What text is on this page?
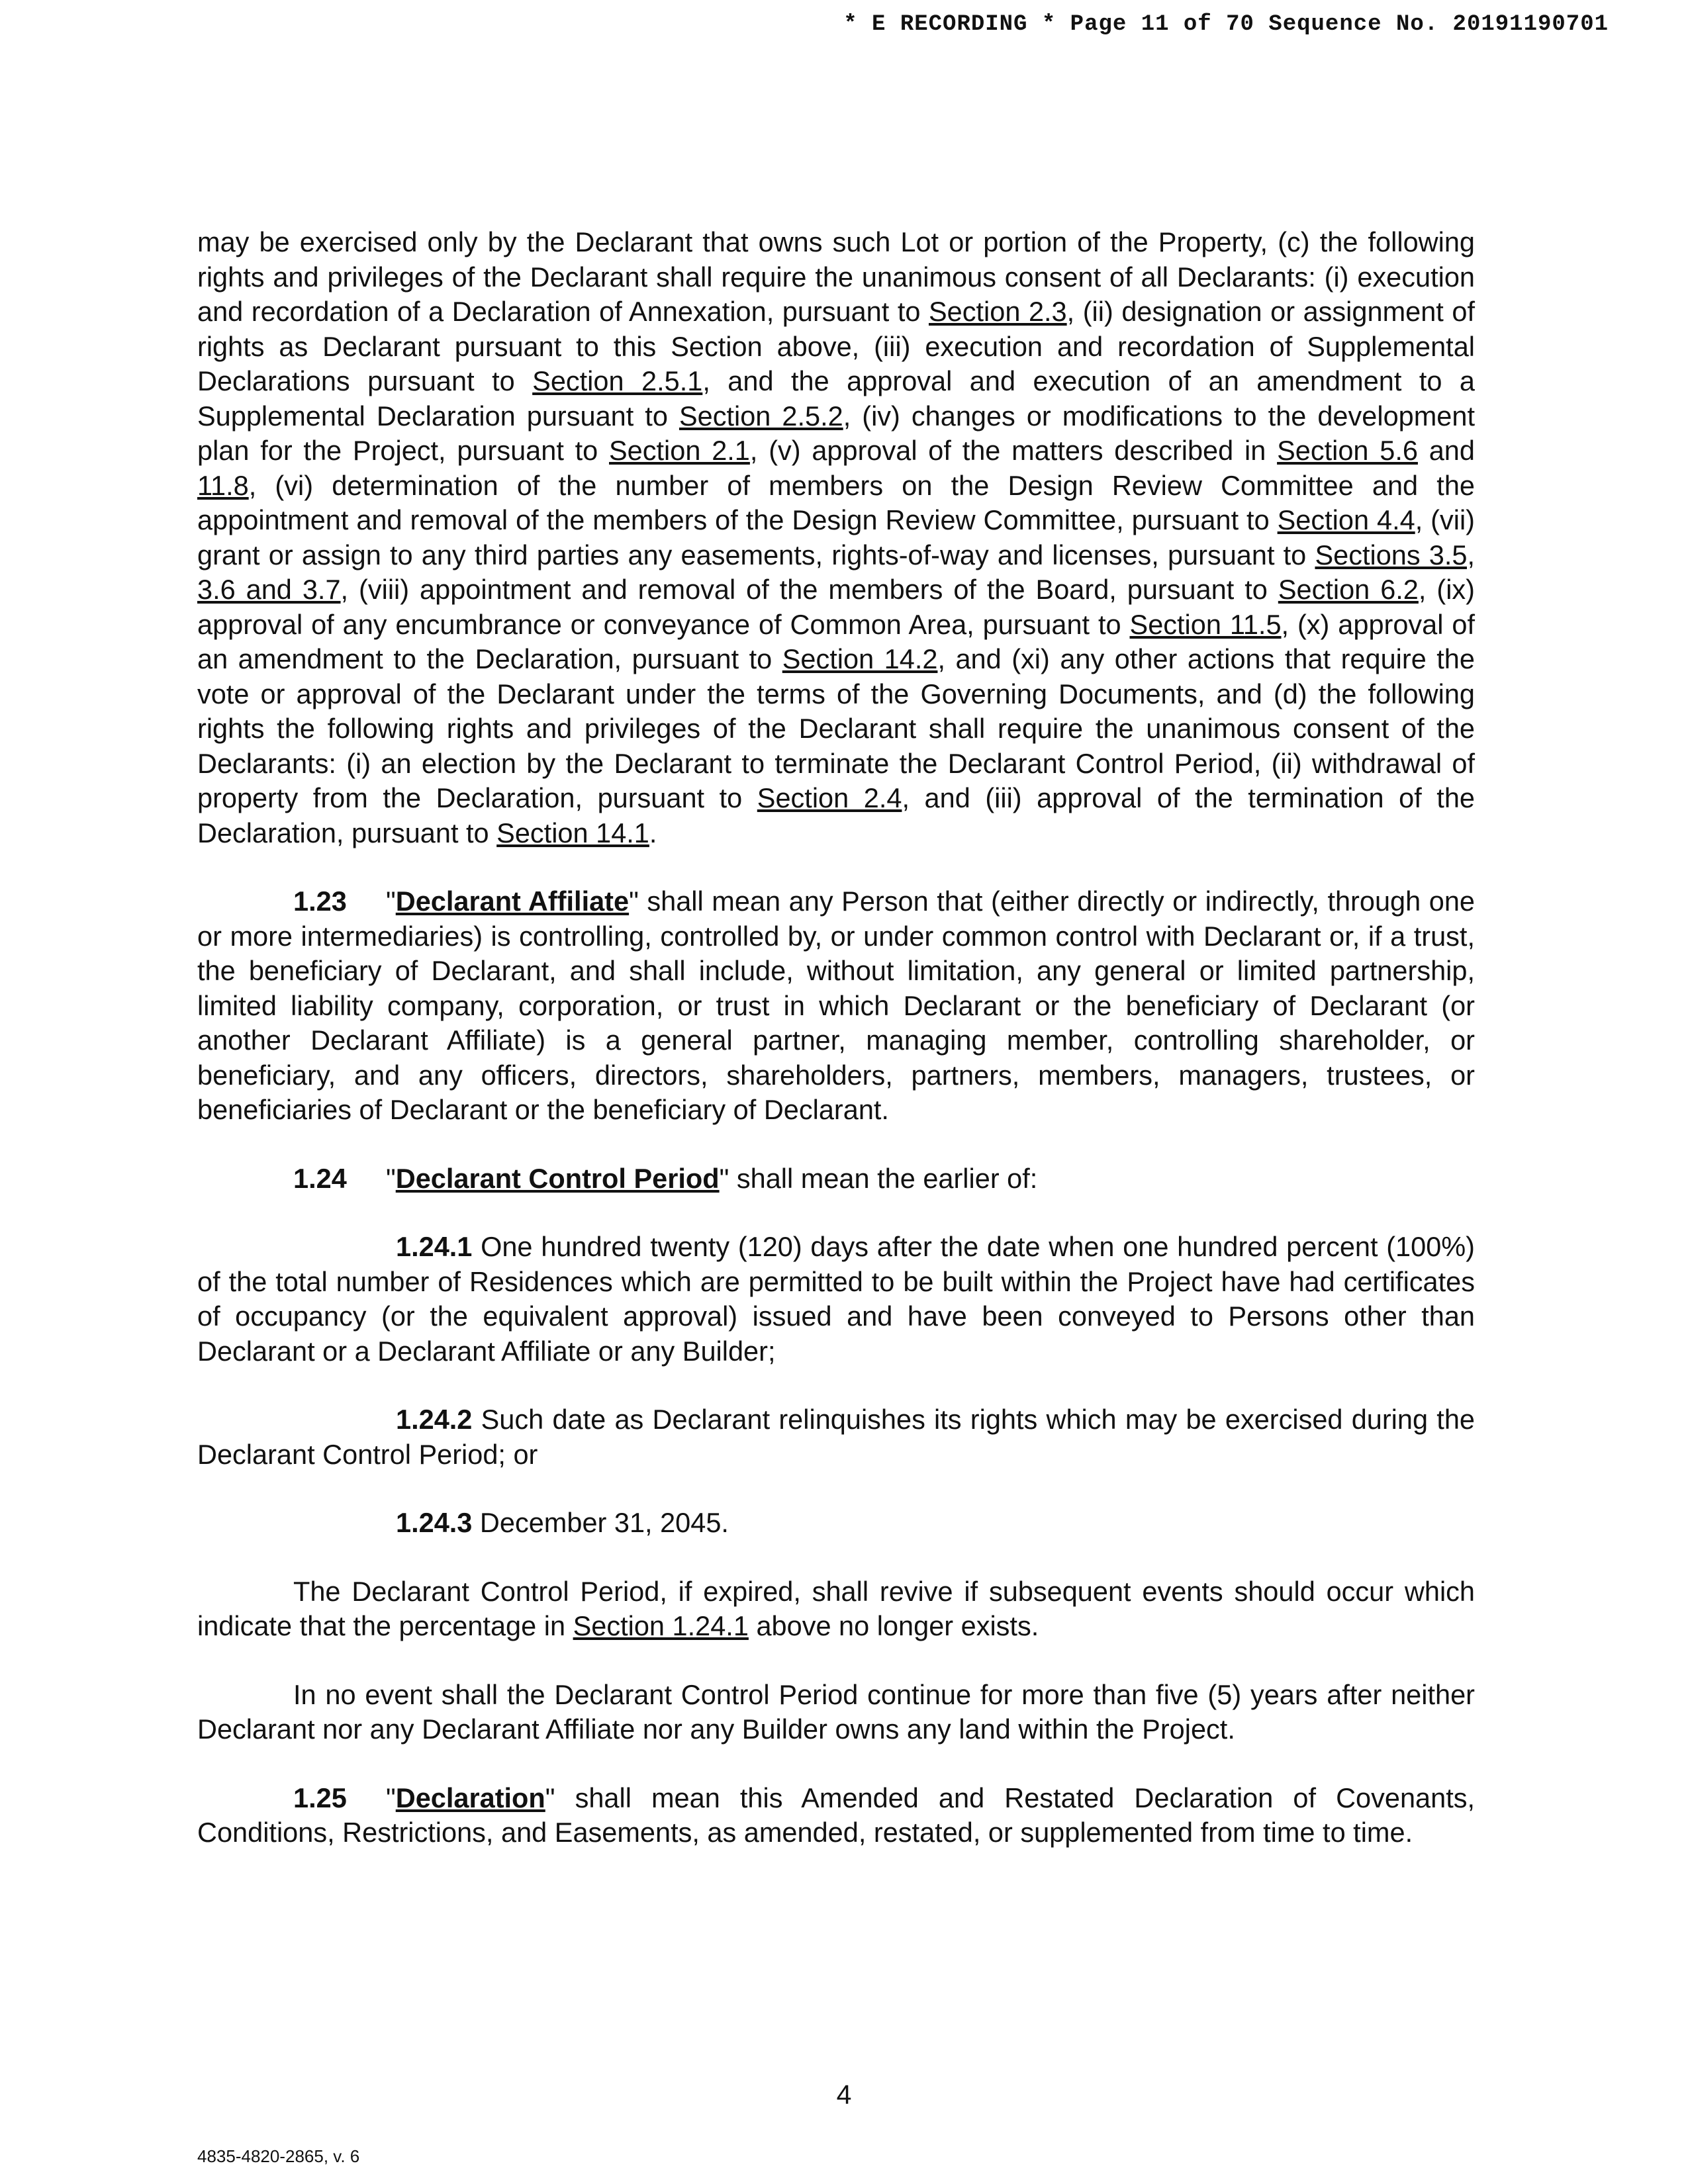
* E RECORDING * Page 11 of 70 Sequence No. 20191190701

may be exercised only by the Declarant that owns such Lot or portion of the Property, (c) the following rights and privileges of the Declarant shall require the unanimous consent of all Declarants: (i) execution and recordation of a Declaration of Annexation, pursuant to Section 2.3, (ii) designation or assignment of rights as Declarant pursuant to this Section above, (iii) execution and recordation of Supplemental Declarations pursuant to Section 2.5.1, and the approval and execution of an amendment to a Supplemental Declaration pursuant to Section 2.5.2, (iv) changes or modifications to the development plan for the Project, pursuant to Section 2.1, (v) approval of the matters described in Section 5.6 and 11.8, (vi) determination of the number of members on the Design Review Committee and the appointment and removal of the members of the Design Review Committee, pursuant to Section 4.4, (vii) grant or assign to any third parties any easements, rights-of-way and licenses, pursuant to Sections 3.5, 3.6 and 3.7, (viii) appointment and removal of the members of the Board, pursuant to Section 6.2, (ix) approval of any encumbrance or conveyance of Common Area, pursuant to Section 11.5, (x) approval of an amendment to the Declaration, pursuant to Section 14.2, and (xi) any other actions that require the vote or approval of the Declarant under the terms of the Governing Documents, and (d) the following rights the following rights and privileges of the Declarant shall require the unanimous consent of the Declarants: (i) an election by the Declarant to terminate the Declarant Control Period, (ii) withdrawal of property from the Declaration, pursuant to Section 2.4, and (iii) approval of the termination of the Declaration, pursuant to Section 14.1.

1.23 "Declarant Affiliate" shall mean any Person that (either directly or indirectly, through one or more intermediaries) is controlling, controlled by, or under common control with Declarant or, if a trust, the beneficiary of Declarant, and shall include, without limitation, any general or limited partnership, limited liability company, corporation, or trust in which Declarant or the beneficiary of Declarant (or another Declarant Affiliate) is a general partner, managing member, controlling shareholder, or beneficiary, and any officers, directors, shareholders, partners, members, managers, trustees, or beneficiaries of Declarant or the beneficiary of Declarant.

1.24 "Declarant Control Period" shall mean the earlier of:

1.24.1 One hundred twenty (120) days after the date when one hundred percent (100%) of the total number of Residences which are permitted to be built within the Project have had certificates of occupancy (or the equivalent approval) issued and have been conveyed to Persons other than Declarant or a Declarant Affiliate or any Builder;

1.24.2 Such date as Declarant relinquishes its rights which may be exercised during the Declarant Control Period; or

1.24.3 December 31, 2045.

The Declarant Control Period, if expired, shall revive if subsequent events should occur which indicate that the percentage in Section 1.24.1 above no longer exists.

In no event shall the Declarant Control Period continue for more than five (5) years after neither Declarant nor any Declarant Affiliate nor any Builder owns any land within the Project.

1.25 "Declaration" shall mean this Amended and Restated Declaration of Covenants, Conditions, Restrictions, and Easements, as amended, restated, or supplemented from time to time.

4
4835-4820-2865, v. 6
